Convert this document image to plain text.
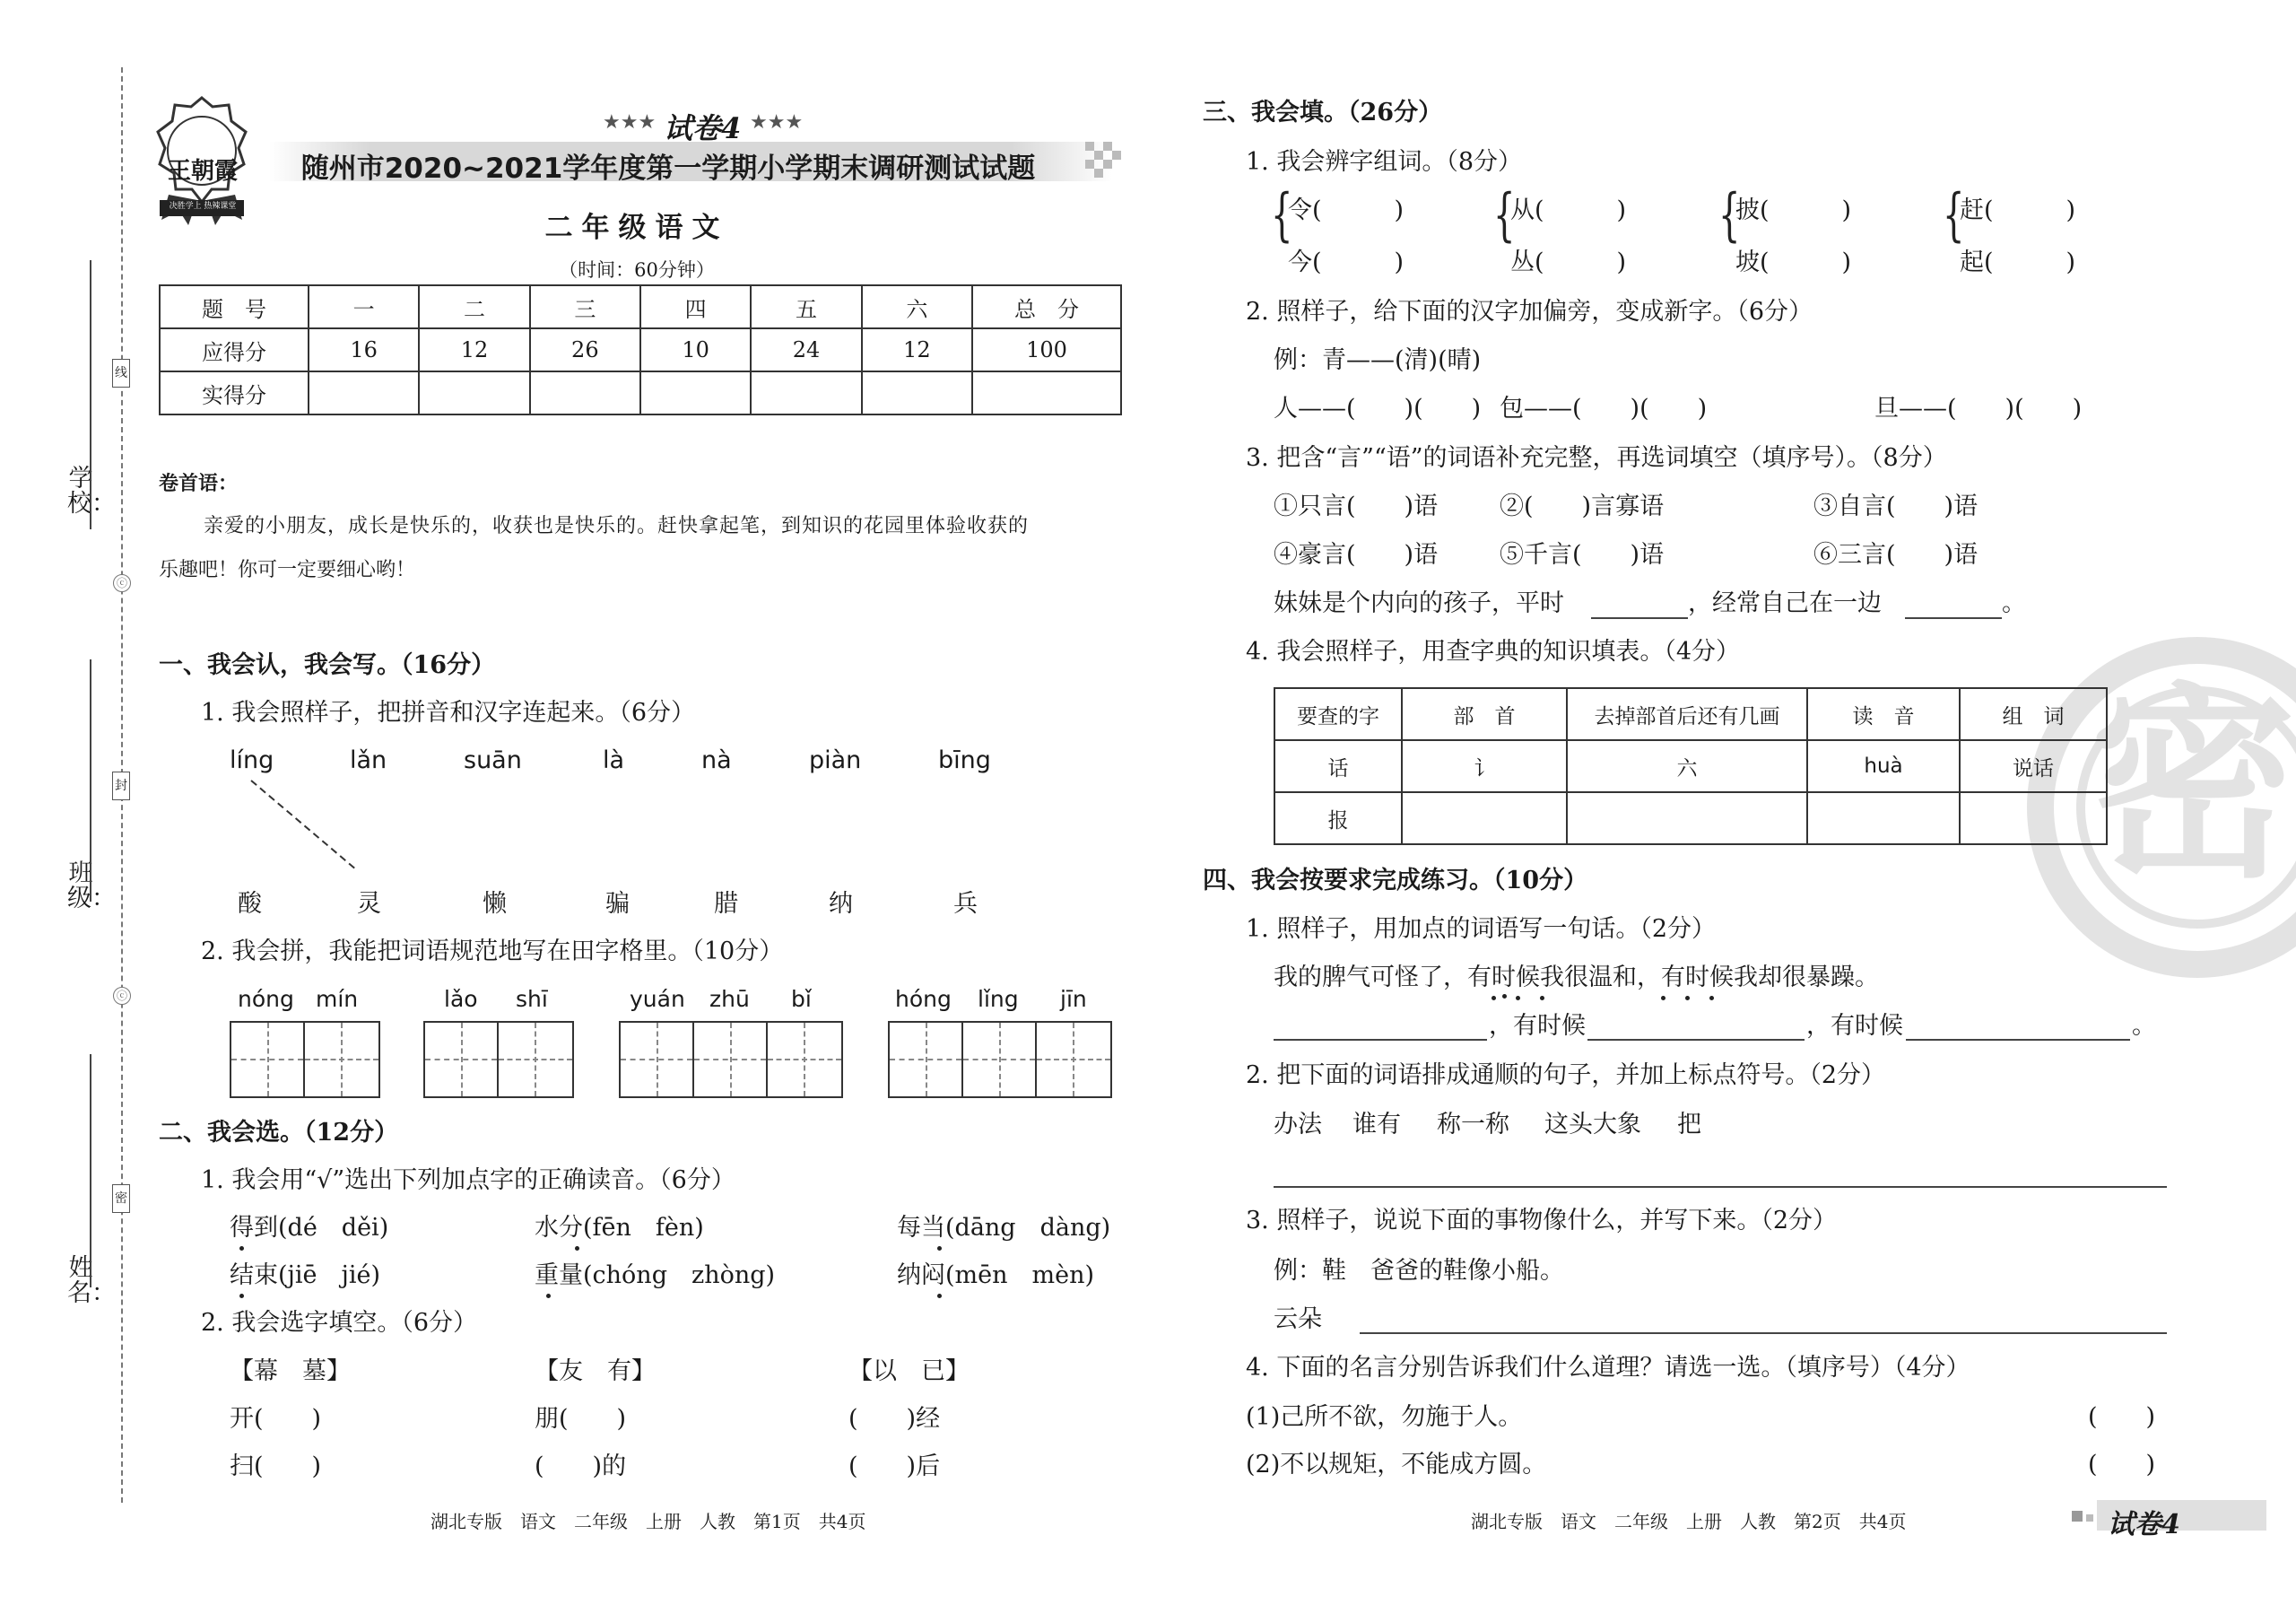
学校：
班级：
姓名：
线
ⓒ
封
ⓒ
密
王朝霞
决胜学上 热辣课堂
★★★ 试卷4 ★★★
随州市2020~2021学年度第一学期小学期末调研测试试题
二年级语文
（时间：60分钟）
题　号	一	二	三	四	五	六	总　分
应得分	16	12	26	10	24	12	100
实得分							
卷首语：
亲爱的小朋友，成长是快乐的，收获也是快乐的。赶快拿起笔，到知识的花园里体验收获的
乐趣吧！你可一定要细心哟！
一、我会认，我会写。（16分）
1. 我会照样子，把拼音和汉字连起来。（6分）
líng	lǎn	suān	là	nà	piàn	bīng
酸	灵	懒	骗	腊	纳	兵
2. 我会拼，我能把词语规范地写在田字格里。（10分）
nóng mín	lǎo shī	yuán zhū bǐ	hóng lǐng jīn
二、我会选。（12分）
1. 我会用“√”选出下列加点字的正确读音。（6分）
得到(dé　děi)	水分(fēn　fèn)	每当(dāng　dàng)
结束(jiē　jié)	重量(chóng　zhòng)	纳闷(mēn　mèn)
2. 我会选字填空。（6分）
【幕　墓】	【友　有】	【以　已】
开(　　)	朋(　　)	(　　)经
扫(　　)	(　　)的	(　　)后
湖北专版　语文　二年级　上册　人教　第1页　共4页
密
三、我会填。（26分）
1. 我会辨字组词。（8分）
{
令(　　　)
今(　　　)
{
从(　　　)
丛(　　　)
{
披(　　　)
坡(　　　)
{
赶(　　　)
起(　　　)
2. 照样子，给下面的汉字加偏旁，变成新字。（6分）
例：青——(清)(晴)
人——(　　)(　　) 包——(　　)(　　)	旦——(　　)(　　)
3. 把含“言”“语”的词语补充完整，再选词填空（填序号）。（8分）
①只言(　　)语	②(　　)言寡语	③自言(　　)语
④豪言(　　)语	⑤千言(　　)语	⑥三言(　　)语
妹妹是个内向的孩子，平时	，经常自己在一边	。
4. 我会照样子，用查字典的知识填表。（4分）
要查的字	部　首	去掉部首后还有几画	读　音	组　词
话	讠	六	huà	说话
报				
四、我会按要求完成练习。（10分）
1. 照样子，用加点的词语写一句话。（2分）
我的脾气可怪了，有时候我很温和，有时候我却很暴躁。
，有时候	，有时候	。
2. 把下面的词语排成通顺的句子，并加上标点符号。（2分）
办法 谁有 称一称 这头大象 把
3. 照样子，说说下面的事物像什么，并写下来。（2分）
例：鞋　爸爸的鞋像小船。
云朵
4. 下面的名言分别告诉我们什么道理？请选一选。（填序号）（4分）
(1)己所不欲，勿施于人。	(　　)
(2)不以规矩，不能成方圆。	(　　)
湖北专版　语文　二年级　上册　人教　第2页　共4页	试卷4
